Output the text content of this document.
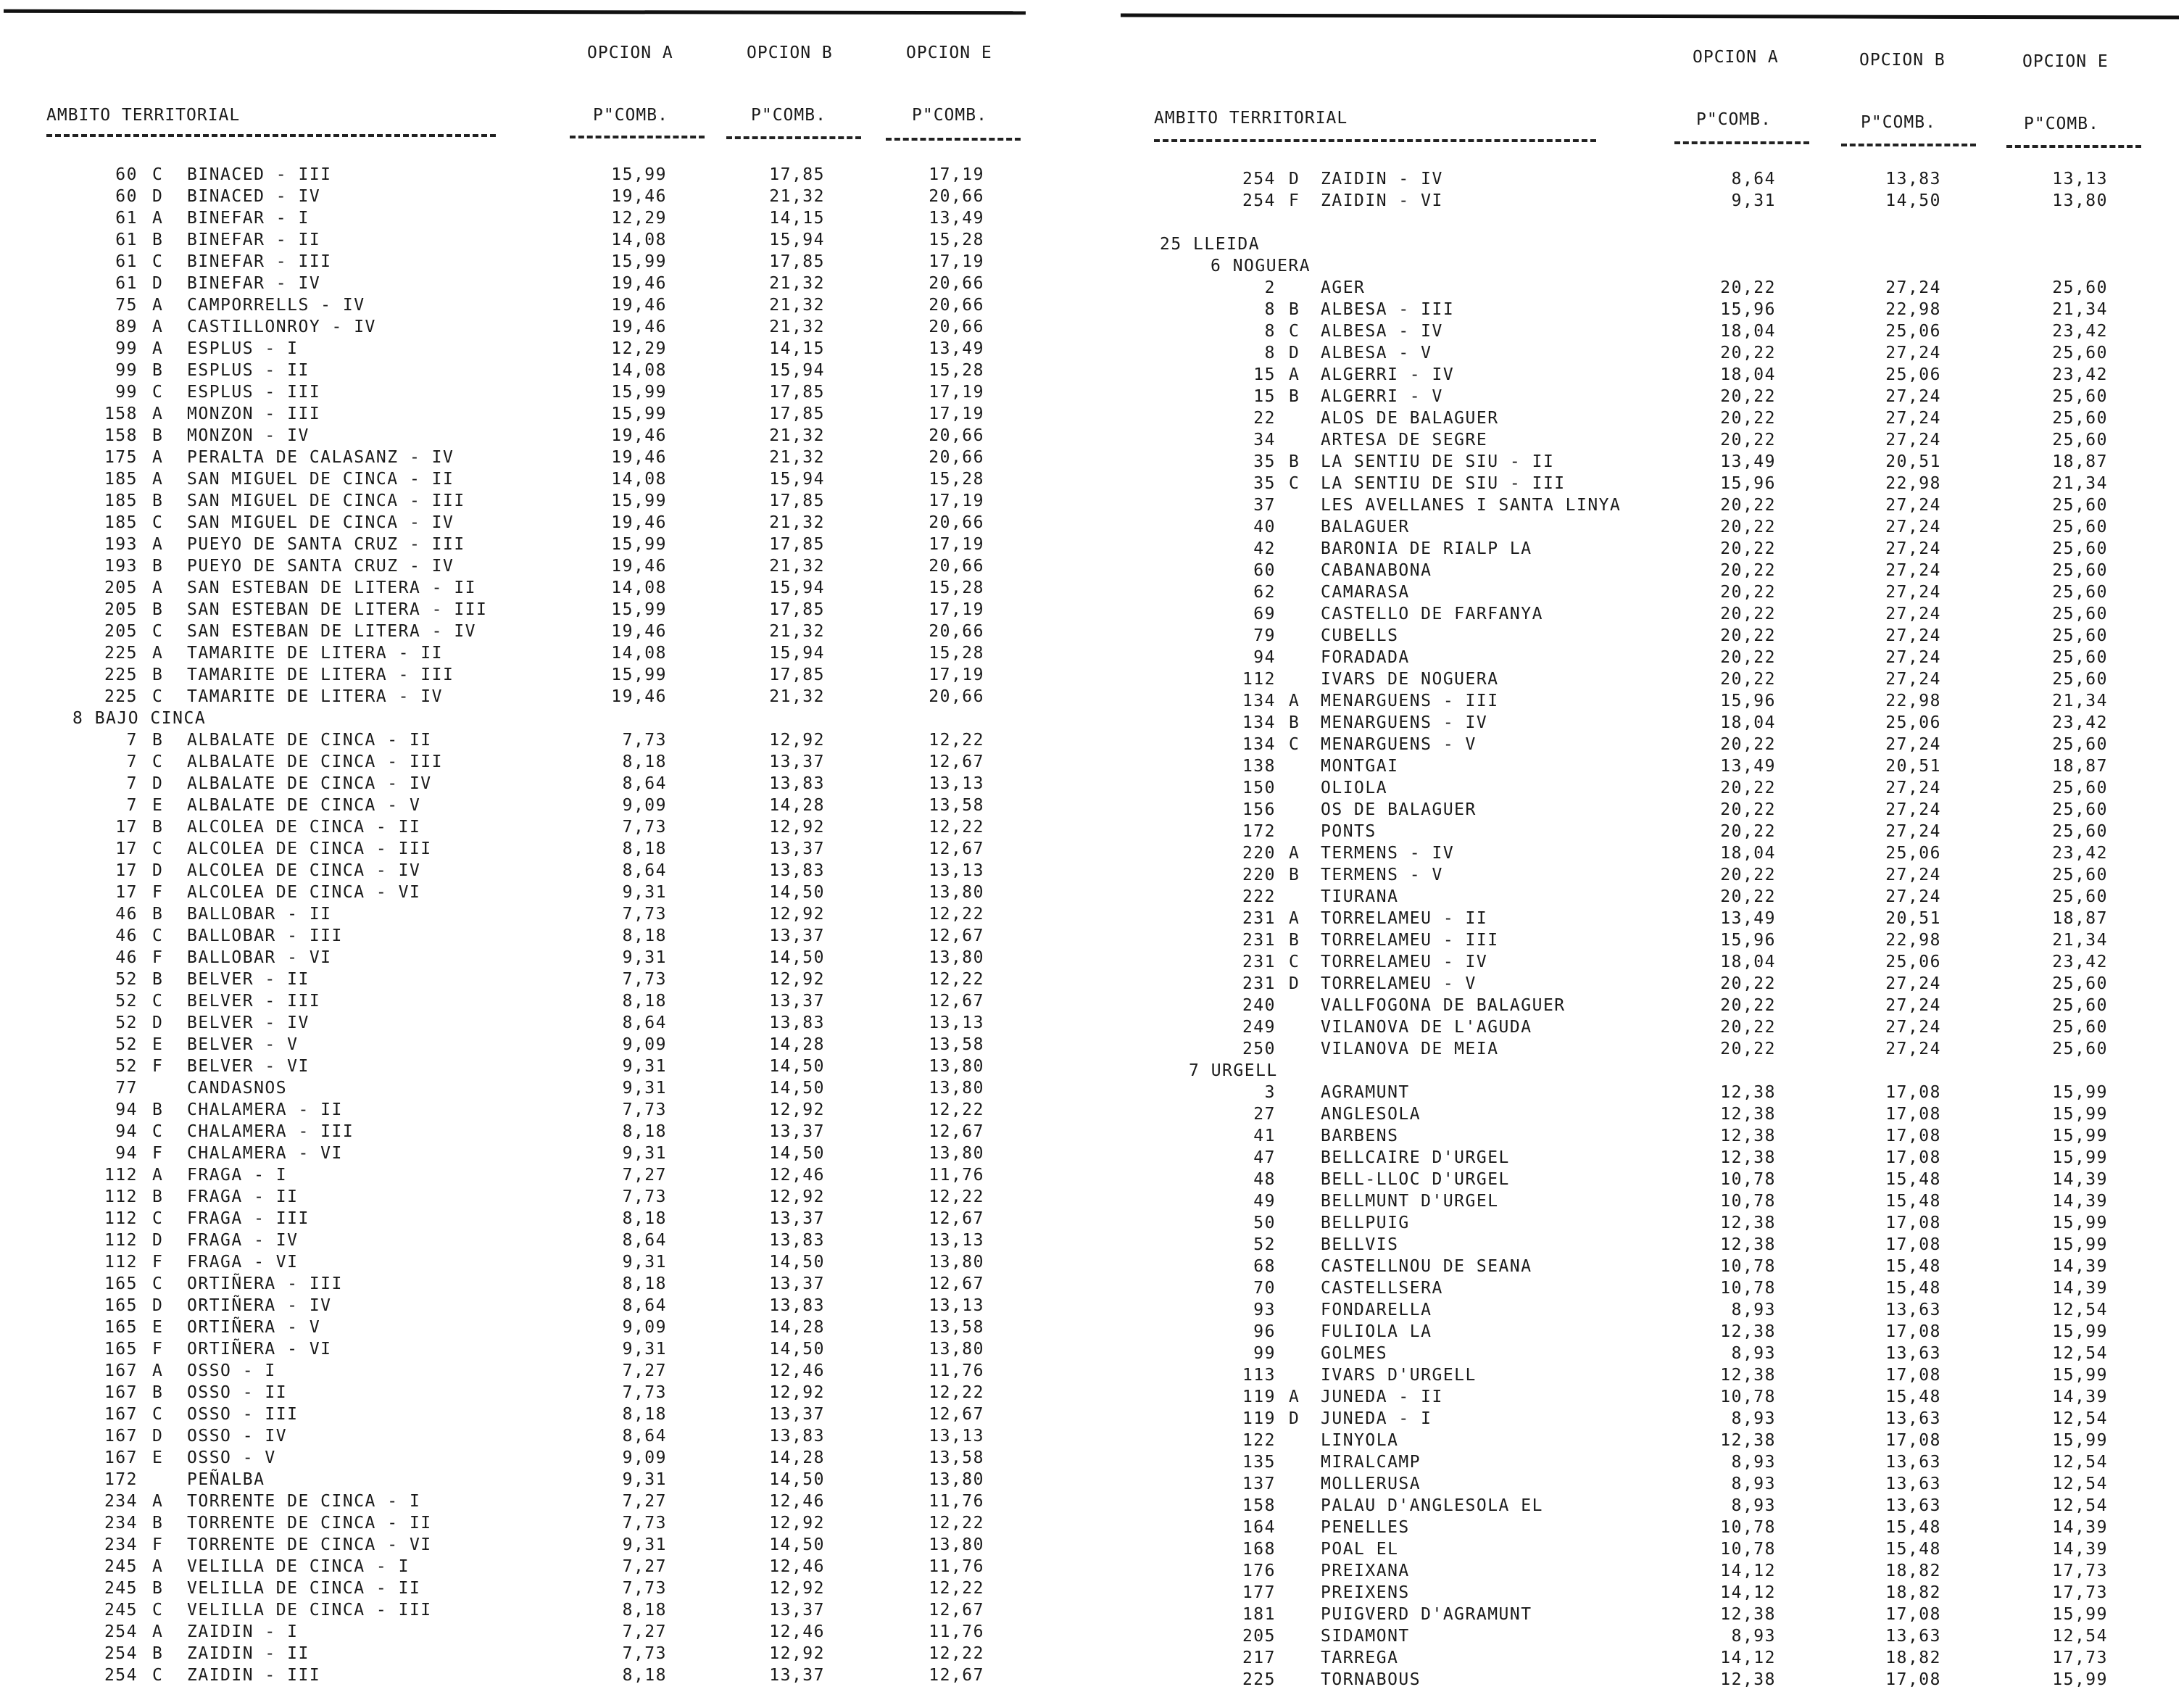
OPCION A	OPCION B	OPCION E
AMBITO TERRITORIAL	P"COMB.	P"COMB.	P"COMB.
60 C BINACED - III	15,99	17,85	17,19
60 D BINACED - IV	19,46	21,32	20,66
61 A BINEFAR - I	12,29	14,15	13,49
61 B BINEFAR - II	14,08	15,94	15,28
61 C BINEFAR - III	15,99	17,85	17,19
61 D BINEFAR - IV	19,46	21,32	20,66
75 A CAMPORRELLS - IV	19,46	21,32	20,66
89 A CASTILLONROY - IV	19,46	21,32	20,66
99 A ESPLUS - I	12,29	14,15	13,49
99 B ESPLUS - II	14,08	15,94	15,28
99 C ESPLUS - III	15,99	17,85	17,19
158 A MONZON - III	15,99	17,85	17,19
158 B MONZON - IV	19,46	21,32	20,66
175 A PERALTA DE CALASANZ - IV	19,46	21,32	20,66
185 A SAN MIGUEL DE CINCA - II	14,08	15,94	15,28
185 B SAN MIGUEL DE CINCA - III	15,99	17,85	17,19
185 C SAN MIGUEL DE CINCA - IV	19,46	21,32	20,66
193 A PUEYO DE SANTA CRUZ - III	15,99	17,85	17,19
193 B PUEYO DE SANTA CRUZ - IV	19,46	21,32	20,66
205 A SAN ESTEBAN DE LITERA - II	14,08	15,94	15,28
205 B SAN ESTEBAN DE LITERA - III	15,99	17,85	17,19
205 C SAN ESTEBAN DE LITERA - IV	19,46	21,32	20,66
225 A TAMARITE DE LITERA - II	14,08	15,94	15,28
225 B TAMARITE DE LITERA - III	15,99	17,85	17,19
225 C TAMARITE DE LITERA - IV	19,46	21,32	20,66
8 BAJO CINCA
7 B ALBALATE DE CINCA - II	7,73	12,92	12,22
7 C ALBALATE DE CINCA - III	8,18	13,37	12,67
7 D ALBALATE DE CINCA - IV	8,64	13,83	13,13
7 E ALBALATE DE CINCA - V	9,09	14,28	13,58
17 B ALCOLEA DE CINCA - II	7,73	12,92	12,22
17 C ALCOLEA DE CINCA - III	8,18	13,37	12,67
17 D ALCOLEA DE CINCA - IV	8,64	13,83	13,13
17 F ALCOLEA DE CINCA - VI	9,31	14,50	13,80
46 B BALLOBAR - II	7,73	12,92	12,22
46 C BALLOBAR - III	8,18	13,37	12,67
46 F BALLOBAR - VI	9,31	14,50	13,80
52 B BELVER - II	7,73	12,92	12,22
52 C BELVER - III	8,18	13,37	12,67
52 D BELVER - IV	8,64	13,83	13,13
52 E BELVER - V	9,09	14,28	13,58
52 F BELVER - VI	9,31	14,50	13,80
77	CANDASNOS	9,31	14,50	13,80
94 B CHALAMERA - II	7,73	12,92	12,22
94 C CHALAMERA - III	8,18	13,37	12,67
94 F CHALAMERA - VI	9,31	14,50	13,80
112 A FRAGA - I	7,27	12,46	11,76
112 B FRAGA - II	7,73	12,92	12,22
112 C FRAGA - III	8,18	13,37	12,67
112 D FRAGA - IV	8,64	13,83	13,13
112 F FRAGA - VI	9,31	14,50	13,80
165 C ORTIÑERA - III	8,18	13,37	12,67
165 D ORTIÑERA - IV	8,64	13,83	13,13
165 E ORTIÑERA - V	9,09	14,28	13,58
165 F ORTIÑERA - VI	9,31	14,50	13,80
167 A OSSO - I	7,27	12,46	11,76
167 B OSSO - II	7,73	12,92	12,22
167 C OSSO - III	8,18	13,37	12,67
167 D OSSO - IV	8,64	13,83	13,13
167 E OSSO - V	9,09	14,28	13,58
172	PEÑALBA	9,31	14,50	13,80
234 A TORRENTE DE CINCA - I	7,27	12,46	11,76
234 B TORRENTE DE CINCA - II	7,73	12,92	12,22
234 F TORRENTE DE CINCA - VI	9,31	14,50	13,80
245 A VELILLA DE CINCA - I	7,27	12,46	11,76
245 B VELILLA DE CINCA - II	7,73	12,92	12,22
245 C VELILLA DE CINCA - III	8,18	13,37	12,67
254 A ZAIDIN - I	7,27	12,46	11,76
254 B ZAIDIN - II	7,73	12,92	12,22
254 C ZAIDIN - III	8,18	13,37	12,67
OPCION A	OPCION B	OPCION E
AMBITO TERRITORIAL	P"COMB.	P"COMB.	P"COMB.
254 D ZAIDIN - IV	8,64	13,83	13,13
254 F ZAIDIN - VI	9,31	14,50	13,80
25 LLEIDA
6 NOGUERA
2	AGER	20,22	27,24	25,60
8 B ALBESA - III	15,96	22,98	21,34
8 C ALBESA - IV	18,04	25,06	23,42
8 D ALBESA - V	20,22	27,24	25,60
15 A ALGERRI - IV	18,04	25,06	23,42
15 B ALGERRI - V	20,22	27,24	25,60
22	ALOS DE BALAGUER	20,22	27,24	25,60
34	ARTESA DE SEGRE	20,22	27,24	25,60
35 B LA SENTIU DE SIU - II	13,49	20,51	18,87
35 C LA SENTIU DE SIU - III	15,96	22,98	21,34
37	LES AVELLANES I SANTA LINYA	20,22	27,24	25,60
40	BALAGUER	20,22	27,24	25,60
42	BARONIA DE RIALP LA	20,22	27,24	25,60
60	CABANABONA	20,22	27,24	25,60
62	CAMARASA	20,22	27,24	25,60
69	CASTELLO DE FARFANYA	20,22	27,24	25,60
79	CUBELLS	20,22	27,24	25,60
94	FORADADA	20,22	27,24	25,60
112	IVARS DE NOGUERA	20,22	27,24	25,60
134 A MENARGUENS - III	15,96	22,98	21,34
134 B MENARGUENS - IV	18,04	25,06	23,42
134 C MENARGUENS - V	20,22	27,24	25,60
138	MONTGAI	13,49	20,51	18,87
150	OLIOLA	20,22	27,24	25,60
156	OS DE BALAGUER	20,22	27,24	25,60
172	PONTS	20,22	27,24	25,60
220 A TERMENS - IV	18,04	25,06	23,42
220 B TERMENS - V	20,22	27,24	25,60
222	TIURANA	20,22	27,24	25,60
231 A TORRELAMEU - II	13,49	20,51	18,87
231 B TORRELAMEU - III	15,96	22,98	21,34
231 C TORRELAMEU - IV	18,04	25,06	23,42
231 D TORRELAMEU - V	20,22	27,24	25,60
240	VALLFOGONA DE BALAGUER	20,22	27,24	25,60
249	VILANOVA DE L'AGUDA	20,22	27,24	25,60
250	VILANOVA DE MEIA	20,22	27,24	25,60
7 URGELL
3	AGRAMUNT	12,38	17,08	15,99
27	ANGLESOLA	12,38	17,08	15,99
41	BARBENS	12,38	17,08	15,99
47	BELLCAIRE D'URGEL	12,38	17,08	15,99
48	BELL-LLOC D'URGEL	10,78	15,48	14,39
49	BELLMUNT D'URGEL	10,78	15,48	14,39
50	BELLPUIG	12,38	17,08	15,99
52	BELLVIS	12,38	17,08	15,99
68	CASTELLNOU DE SEANA	10,78	15,48	14,39
70	CASTELLSERA	10,78	15,48	14,39
93	FONDARELLA	8,93	13,63	12,54
96	FULIOLA LA	12,38	17,08	15,99
99	GOLMES	8,93	13,63	12,54
113	IVARS D'URGELL	12,38	17,08	15,99
119 A JUNEDA - II	10,78	15,48	14,39
119 D JUNEDA - I	8,93	13,63	12,54
122	LINYOLA	12,38	17,08	15,99
135	MIRALCAMP	8,93	13,63	12,54
137	MOLLERUSA	8,93	13,63	12,54
158	PALAU D'ANGLESOLA EL	8,93	13,63	12,54
164	PENELLES	10,78	15,48	14,39
168	POAL EL	10,78	15,48	14,39
176	PREIXANA	14,12	18,82	17,73
177	PREIXENS	14,12	18,82	17,73
181	PUIGVERD D'AGRAMUNT	12,38	17,08	15,99
205	SIDAMONT	8,93	13,63	12,54
217	TARREGA	14,12	18,82	17,73
225	TORNABOUS	12,38	17,08	15,99
